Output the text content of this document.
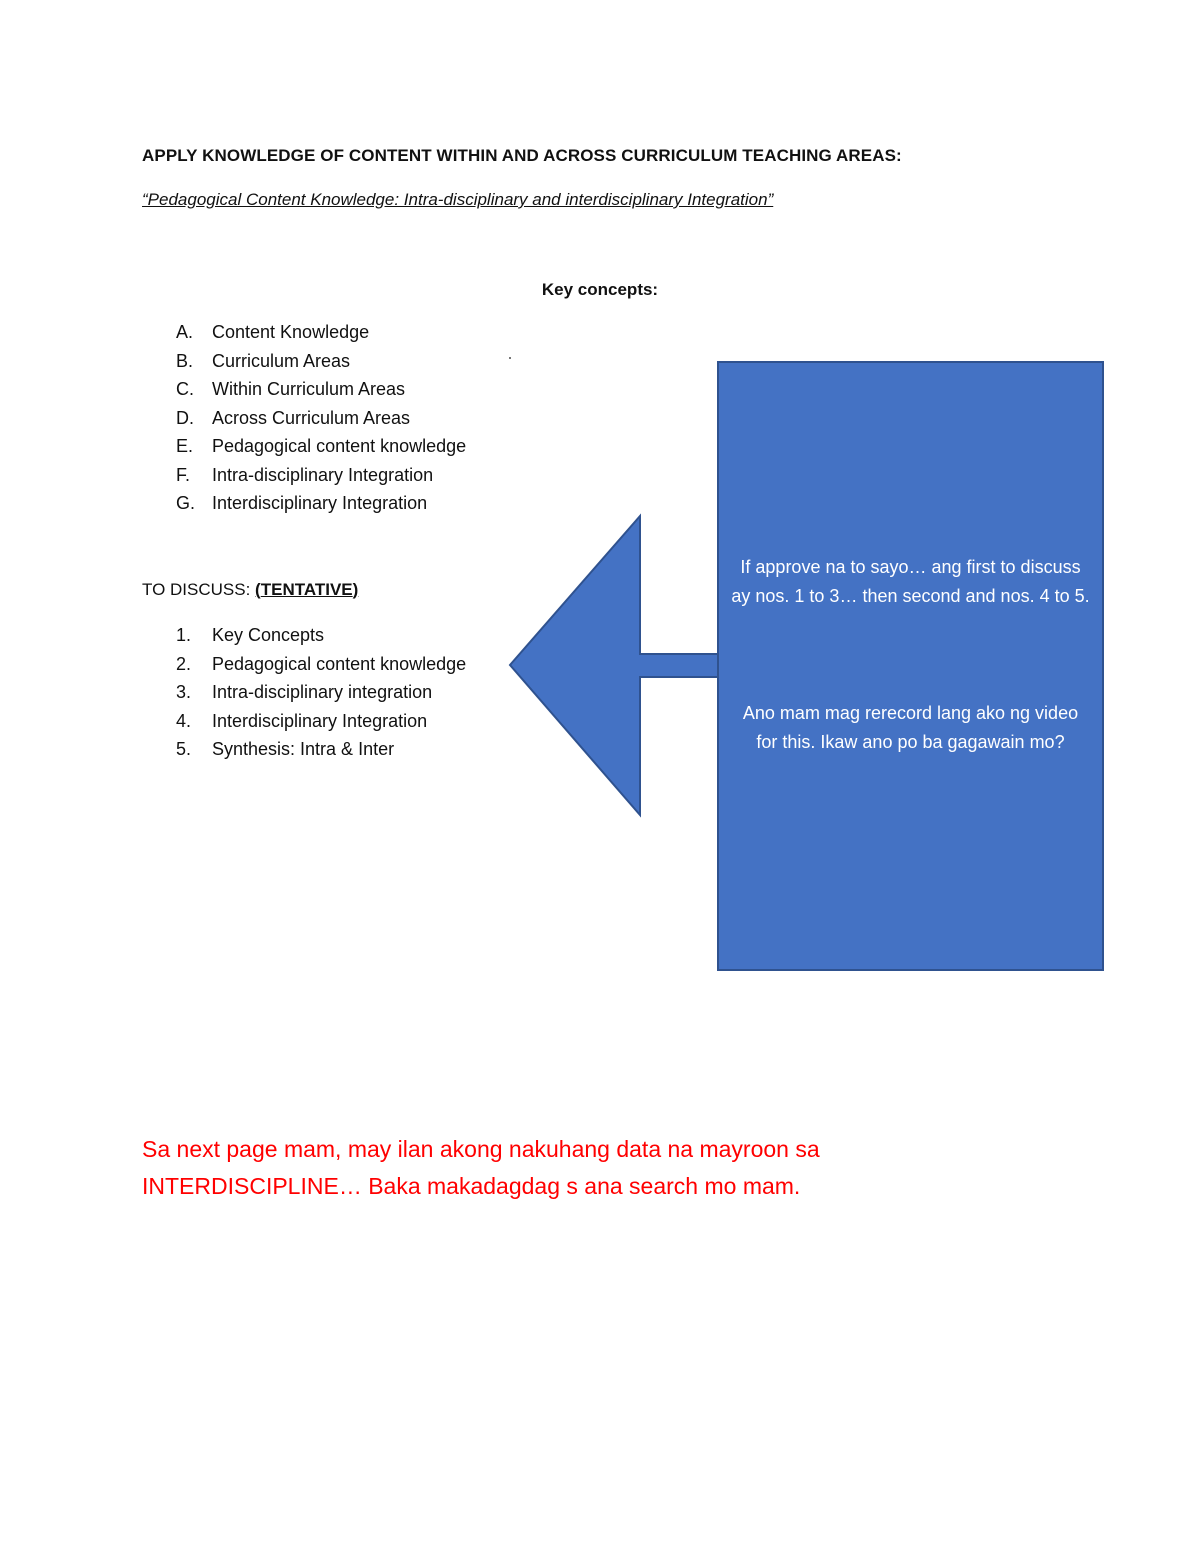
APPLY KNOWLEDGE OF CONTENT WITHIN AND ACROSS CURRICULUM TEACHING AREAS:

“Pedagogical Content Knowledge: Intra-disciplinary and interdisciplinary Integration”

Key concepts:
A. Content Knowledge
B. Curriculum Areas
C. Within Curriculum Areas
D. Across Curriculum Areas
E. Pedagogical content knowledge
F. Intra-disciplinary Integration
G. Interdisciplinary Integration

TO DISCUSS: (TENTATIVE)

1. Key Concepts
2. Pedagogical content knowledge
3. Intra-disciplinary integration
4. Interdisciplinary Integration
5. Synthesis: Intra & Inter

If approve na to sayo… ang first to discuss ay nos. 1 to 3… then second and nos. 4 to 5.

Ano mam mag rerecord lang ako ng video for this. Ikaw ano po ba gagawain mo?

Sa next page mam, may ilan akong nakuhang data na mayroon sa INTERDISCIPLINE… Baka makadagdag s ana search mo mam.
